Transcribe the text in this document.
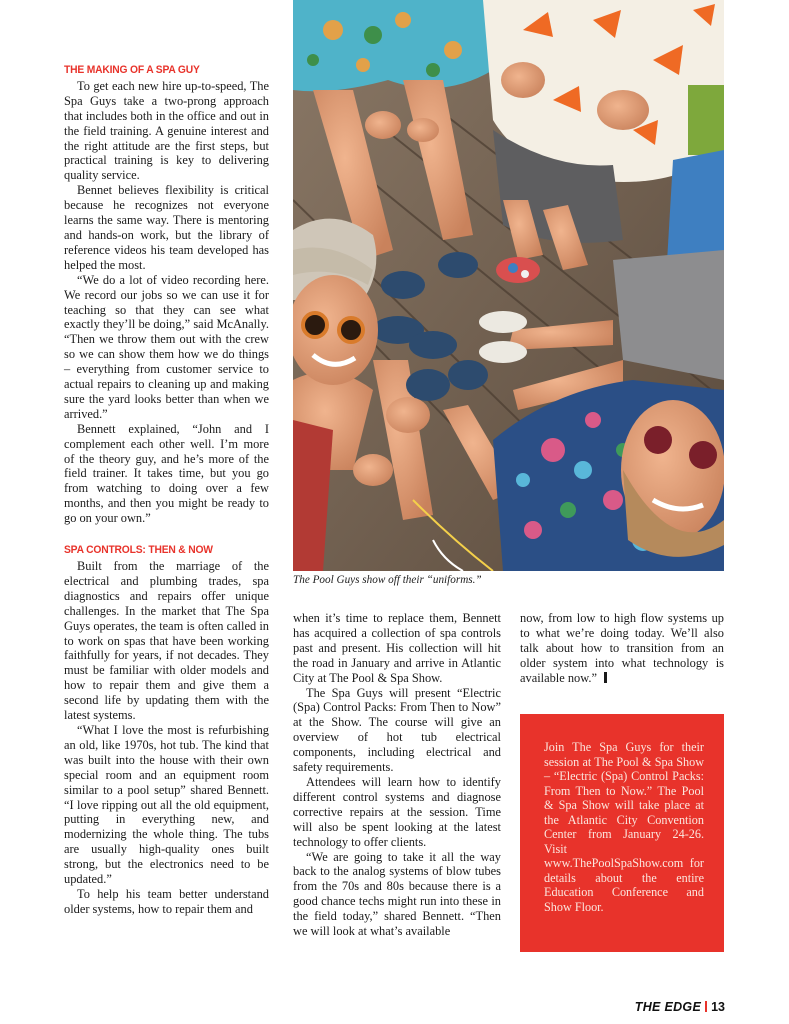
THE MAKING OF A SPA GUY

To get each new hire up-to-speed, The Spa Guys take a two-prong approach that includes both in the office and out in the field training. A genuine interest and the right attitude are the first steps, but practical training is key to delivering quality service.

Bennet believes flexibility is critical because he recognizes not everyone learns the same way. There is mentoring and hands-on work, but the library of reference videos his team developed has helped the most.

“We do a lot of video recording here. We record our jobs so we can use it for teaching so that they can see what exactly they’ll be doing,” said McAnally. “Then we throw them out with the crew so we can show them how we do things – everything from customer service to actual repairs to cleaning up and making sure the yard looks better than when we arrived.”

Bennett explained, “John and I complement each other well. I’m more of the theory guy, and he’s more of the field trainer. It takes time, but you go from watching to doing over a few months, and then you might be ready to go on your own.”

SPA CONTROLS: THEN & NOW

Built from the marriage of the electrical and plumbing trades, spa diagnostics and repairs offer unique challenges. In the market that The Spa Guys operates, the team is often called in to work on spas that have been working faithfully for years, if not decades. They must be familiar with older models and how to repair them and give them a second life by updating them with the latest systems.

“What I love the most is refurbishing an old, like 1970s, hot tub. The kind that was built into the house with their own special room and an equipment room similar to a pool setup” shared Bennett. “I love ripping out all the old equipment, putting in everything new, and modernizing the whole thing. The tubs are usually high-quality ones built strong, but the electronics need to be updated.”

To help his team better understand older systems, how to repair them and

The Pool Guys show off their “uniforms.”

when it’s time to replace them, Bennett has acquired a collection of spa controls past and present. His collection will hit the road in January and arrive in Atlantic City at The Pool & Spa Show.

The Spa Guys will present “Electric (Spa) Control Packs: From Then to Now” at the Show. The course will give an overview of hot tub electrical components, including electrical and safety requirements.

Attendees will learn how to identify different control systems and diagnose corrective repairs at the session. Time will also be spent looking at the latest technology to offer clients.

“We are going to take it all the way back to the analog systems of blow tubes from the 70s and 80s because there is a good chance techs might run into these in the field today,” shared Bennett. “Then we will look at what’s available

now, from low to high flow systems up to what we’re doing today. We’ll also talk about how to transition from an older system into what technology is available now.”

Join The Spa Guys for their session at The Pool & Spa Show – “Electric (Spa) Control Packs: From Then to Now.” The Pool & Spa Show will take place at the Atlantic City Convention Center from January 24-26. Visit www.ThePoolSpaShow.com for details about the entire Education Conference and Show Floor.
THE EDGE 13
